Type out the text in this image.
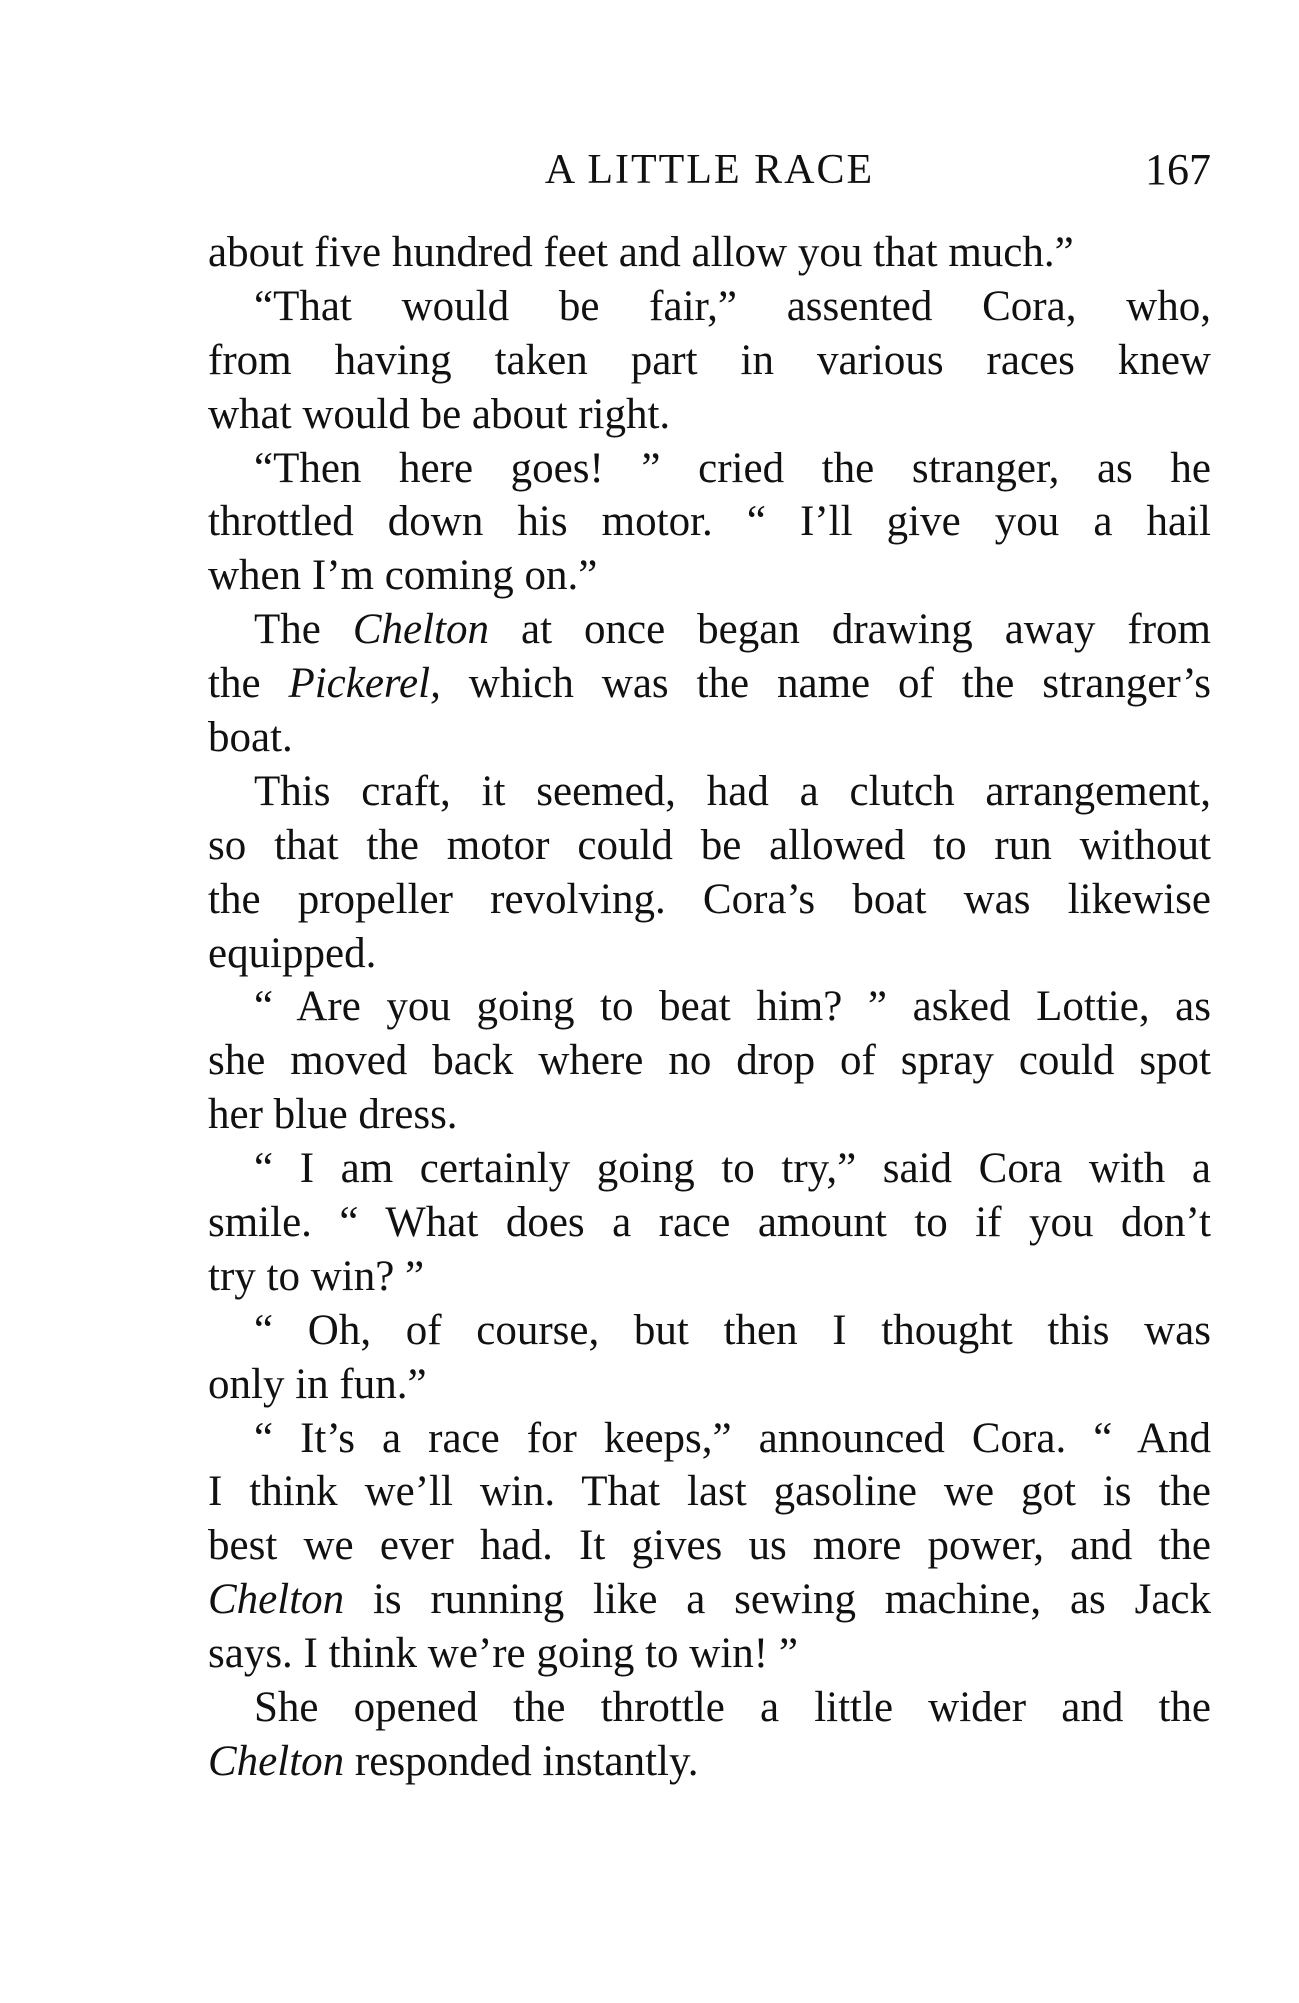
A LITTLE RACE	167
about five hundred feet and allow you that much.”
“That would be fair,” assented Cora, who,
from having taken part in various races knew
what would be about right.
“Then here goes! ” cried the stranger, as he
throttled down his motor. “ I’ll give you a hail
when I’m coming on.”
The Chelton at once began drawing away from
the Pickerel, which was the name of the stranger’s
boat.
This craft, it seemed, had a clutch arrangement,
so that the motor could be allowed to run without
the propeller revolving. Cora’s boat was likewise
equipped.
“ Are you going to beat him? ” asked Lottie, as
she moved back where no drop of spray could spot
her blue dress.
“ I am certainly going to try,” said Cora with a
smile. “ What does a race amount to if you don’t
try to win? ”
“ Oh, of course, but then I thought this was
only in fun.”
“ It’s a race for keeps,” announced Cora. “ And
I think we’ll win. That last gasoline we got is the
best we ever had. It gives us more power, and the
Chelton is running like a sewing machine, as Jack
says. I think we’re going to win! ”
She opened the throttle a little wider and the
Chelton responded instantly.
